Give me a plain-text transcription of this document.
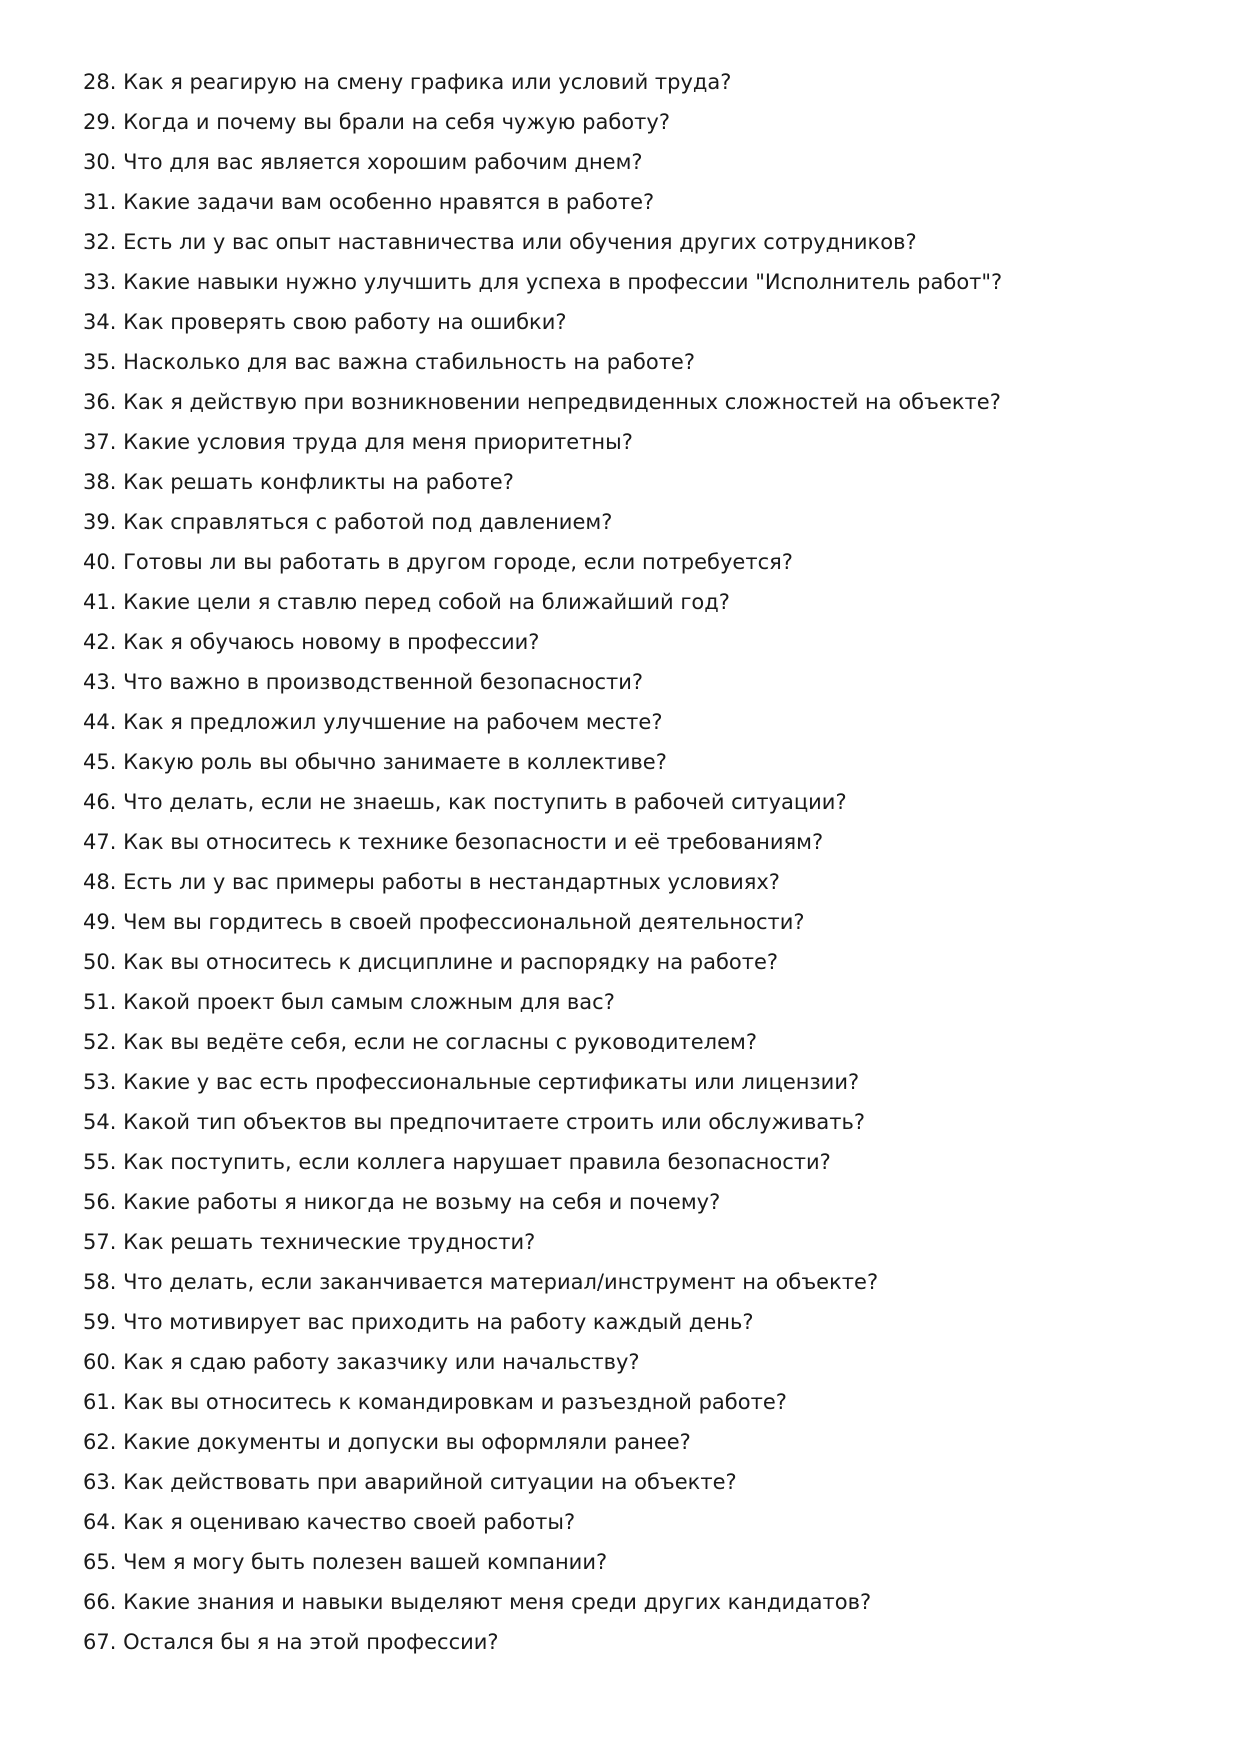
28. Как я реагирую на смену графика или условий труда?
29. Когда и почему вы брали на себя чужую работу?
30. Что для вас является хорошим рабочим днем?
31. Какие задачи вам особенно нравятся в работе?
32. Есть ли у вас опыт наставничества или обучения других сотрудников?
33. Какие навыки нужно улучшить для успеха в профессии "Исполнитель работ"?
34. Как проверять свою работу на ошибки?
35. Насколько для вас важна стабильность на работе?
36. Как я действую при возникновении непредвиденных сложностей на объекте?
37. Какие условия труда для меня приоритетны?
38. Как решать конфликты на работе?
39. Как справляться с работой под давлением?
40. Готовы ли вы работать в другом городе, если потребуется?
41. Какие цели я ставлю перед собой на ближайший год?
42. Как я обучаюсь новому в профессии?
43. Что важно в производственной безопасности?
44. Как я предложил улучшение на рабочем месте?
45. Какую роль вы обычно занимаете в коллективе?
46. Что делать, если не знаешь, как поступить в рабочей ситуации?
47. Как вы относитесь к технике безопасности и её требованиям?
48. Есть ли у вас примеры работы в нестандартных условиях?
49. Чем вы гордитесь в своей профессиональной деятельности?
50. Как вы относитесь к дисциплине и распорядку на работе?
51. Какой проект был самым сложным для вас?
52. Как вы ведёте себя, если не согласны с руководителем?
53. Какие у вас есть профессиональные сертификаты или лицензии?
54. Какой тип объектов вы предпочитаете строить или обслуживать?
55. Как поступить, если коллега нарушает правила безопасности?
56. Какие работы я никогда не возьму на себя и почему?
57. Как решать технические трудности?
58. Что делать, если заканчивается материал/инструмент на объекте?
59. Что мотивирует вас приходить на работу каждый день?
60. Как я сдаю работу заказчику или начальству?
61. Как вы относитесь к командировкам и разъездной работе?
62. Какие документы и допуски вы оформляли ранее?
63. Как действовать при аварийной ситуации на объекте?
64. Как я оцениваю качество своей работы?
65. Чем я могу быть полезен вашей компании?
66. Какие знания и навыки выделяют меня среди других кандидатов?
67. Остался бы я на этой профессии?
